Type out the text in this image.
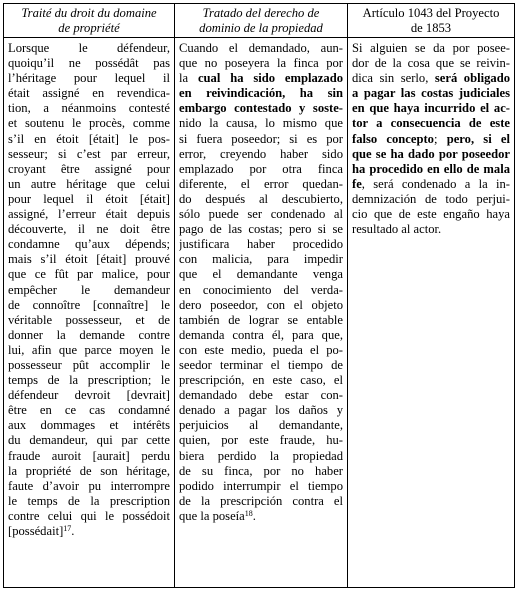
Traité du droit du domaine
de propriété
Lorsque le défendeur,
quoiqu’il ne possédât pas
l’héritage pour lequel il
était assigné en revendica-
tion, a néanmoins contesté
et soutenu le procès, comme
s’il en étoit [était] le pos-
sesseur; si c’est par erreur,
croyant être assigné pour
un autre héritage que celui
pour lequel il étoit [était]
assigné, l’erreur était depuis
découverte, il ne doit être
condamne qu’aux dépends;
mais s’il étoit [était] prouvé
que ce fût par malice, pour
empêcher le demandeur
de connoître [connaître] le
véritable possesseur, et de
donner la demande contre
lui, afin que parce moyen le
possesseur pût accomplir le
temps de la prescription; le
défendeur devroit [devrait]
être en ce cas condamné
aux dommages et intérêts
du demandeur, qui par cette
fraude auroit [aurait] perdu
la propriété de son héritage,
faute d’avoir pu interrompre
le temps de la prescription
contre celui qui le possédoit
[possédait]$^{17}$.
Tratado del derecho de
dominio de la propiedad
Cuando el demandado, aun-
que no poseyera la finca por
la cual ha sido emplazado
en reivindicación, ha sin
embargo contestado y soste-
nido la causa, lo mismo que
si fuera poseedor; si es por
error, creyendo haber sido
emplazado por otra finca
diferente, el error quedan-
do después al descubierto,
sólo puede ser condenado al
pago de las costas; pero si se
justificara haber procedido
con malicia, para impedir
que el demandante venga
en conocimiento del verda-
dero poseedor, con el objeto
también de lograr se entable
demanda contra él, para que,
con este medio, pueda el po-
seedor terminar el tiempo de
prescripción, en este caso, el
demandado debe estar con-
denado a pagar los daños y
perjuicios al demandante,
quien, por este fraude, hu-
biera perdido la propiedad
de su finca, por no haber
podido interrumpir el tiempo
de la prescripción contra el
que la poseía$^{18}$.
Artículo 1043 del Proyecto
de 1853
Si alguien se da por posee-
dor de la cosa que se reivin-
dica sin serlo, será obligado
a pagar las costas judiciales
en que haya incurrido el ac-
tor a consecuencia de este
falso concepto; pero, si el
que se ha dado por poseedor
ha procedido en ello de mala
fe, será condenado a la in-
demnización de todo perjui-
cio que de este engaño haya
resultado al actor.
